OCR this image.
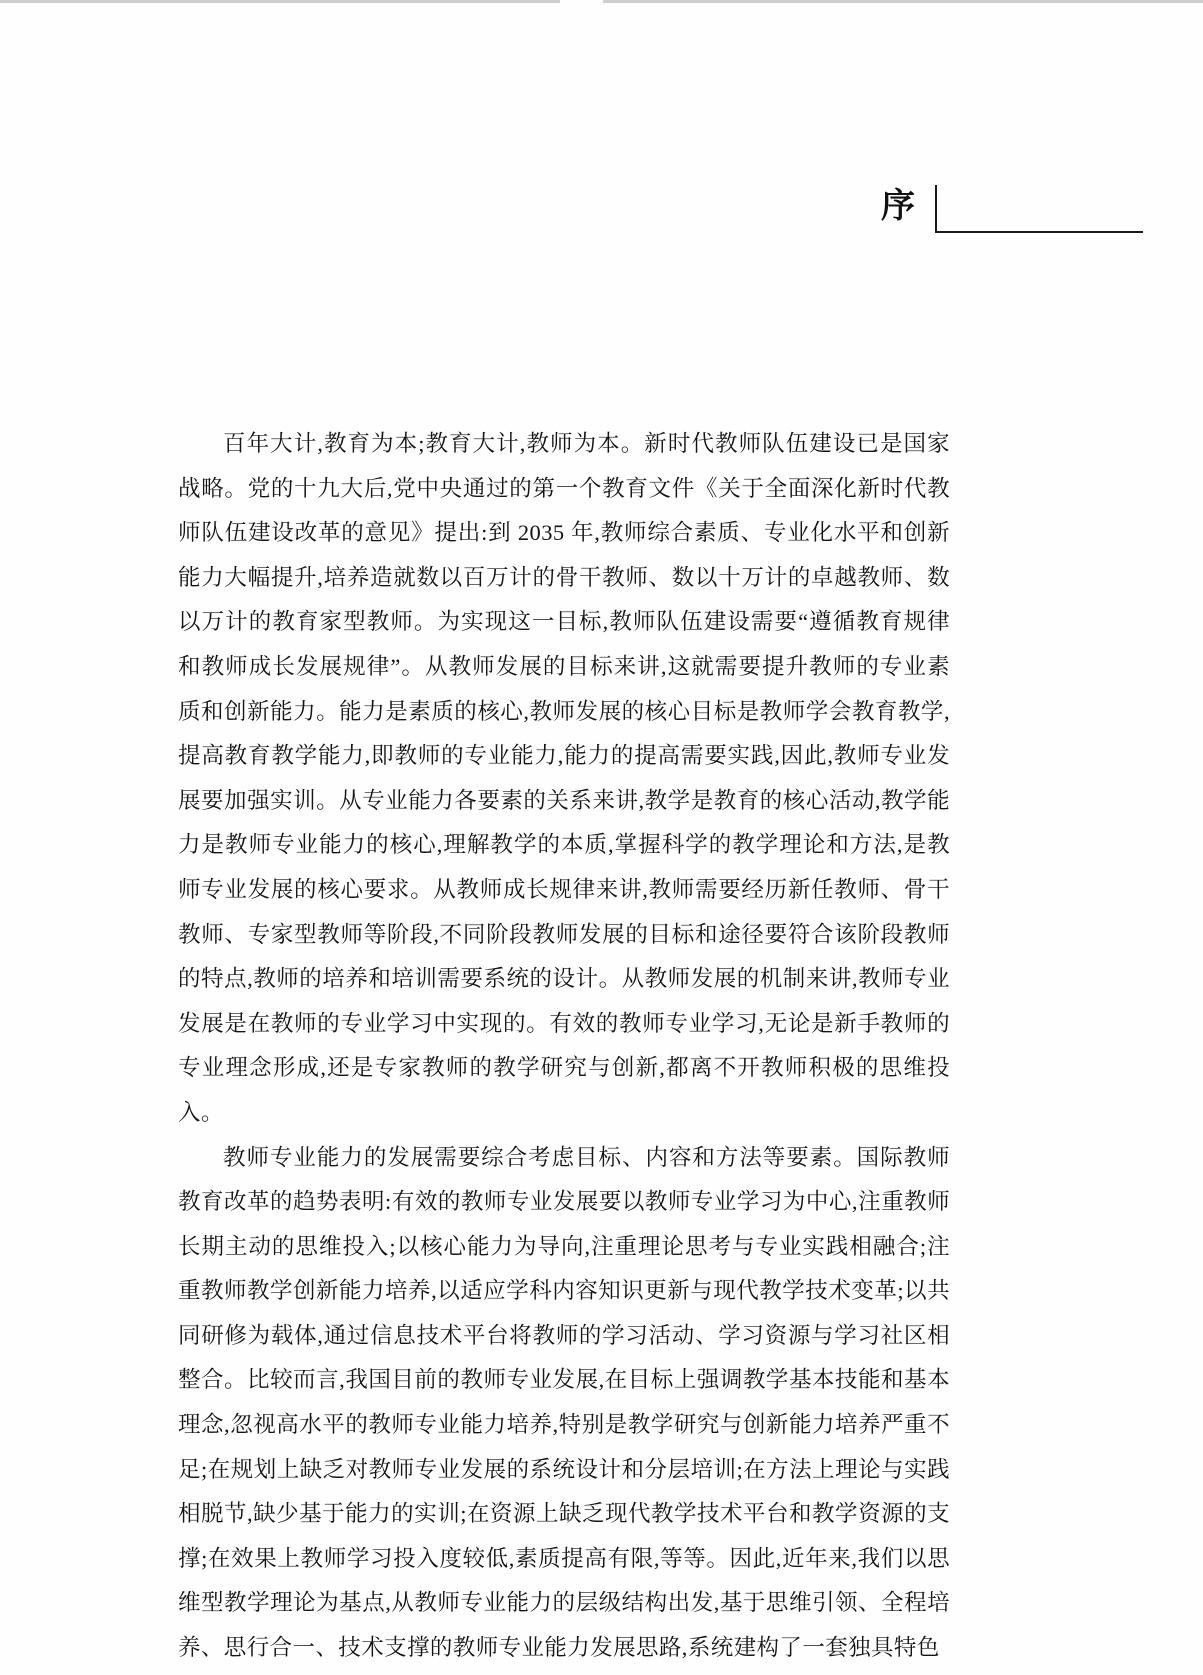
序

百年大计,教育为本;教育大计,教师为本。新时代教师队伍建设已是国家战略。党的十九大后,党中央通过的第一个教育文件《关于全面深化新时代教师队伍建设改革的意见》提出:到 2035 年,教师综合素质、专业化水平和创新能力大幅提升,培养造就数以百万计的骨干教师、数以十万计的卓越教师、数以万计的教育家型教师。为实现这一目标,教师队伍建设需要“遵循教育规律和教师成长发展规律”。从教师发展的目标来讲,这就需要提升教师的专业素质和创新能力。能力是素质的核心,教师发展的核心目标是教师学会教育教学,提高教育教学能力,即教师的专业能力,能力的提高需要实践,因此,教师专业发展要加强实训。从专业能力各要素的关系来讲,教学是教育的核心活动,教学能力是教师专业能力的核心,理解教学的本质,掌握科学的教学理论和方法,是教师专业发展的核心要求。从教师成长规律来讲,教师需要经历新任教师、骨干教师、专家型教师等阶段,不同阶段教师发展的目标和途径要符合该阶段教师的特点,教师的培养和培训需要系统的设计。从教师发展的机制来讲,教师专业发展是在教师的专业学习中实现的。有效的教师专业学习,无论是新手教师的专业理念形成,还是专家教师的教学研究与创新,都离不开教师积极的思维投入。

教师专业能力的发展需要综合考虑目标、内容和方法等要素。国际教师教育改革的趋势表明:有效的教师专业发展要以教师专业学习为中心,注重教师长期主动的思维投入;以核心能力为导向,注重理论思考与专业实践相融合;注重教师教学创新能力培养,以适应学科内容知识更新与现代教学技术变革;以共同研修为载体,通过信息技术平台将教师的学习活动、学习资源与学习社区相整合。比较而言,我国目前的教师专业发展,在目标上强调教学基本技能和基本理念,忽视高水平的教师专业能力培养,特别是教学研究与创新能力培养严重不足;在规划上缺乏对教师专业发展的系统设计和分层培训;在方法上理论与实践相脱节,缺少基于能力的实训;在资源上缺乏现代教学技术平台和教学资源的支撑;在效果上教师学习投入度较低,素质提高有限,等等。因此,近年来,我们以思维型教学理论为基点,从教师专业能力的层级结构出发,基于思维引领、全程培养、思行合一、技术支撑的教师专业能力发展思路,系统建构了一套独具特色
